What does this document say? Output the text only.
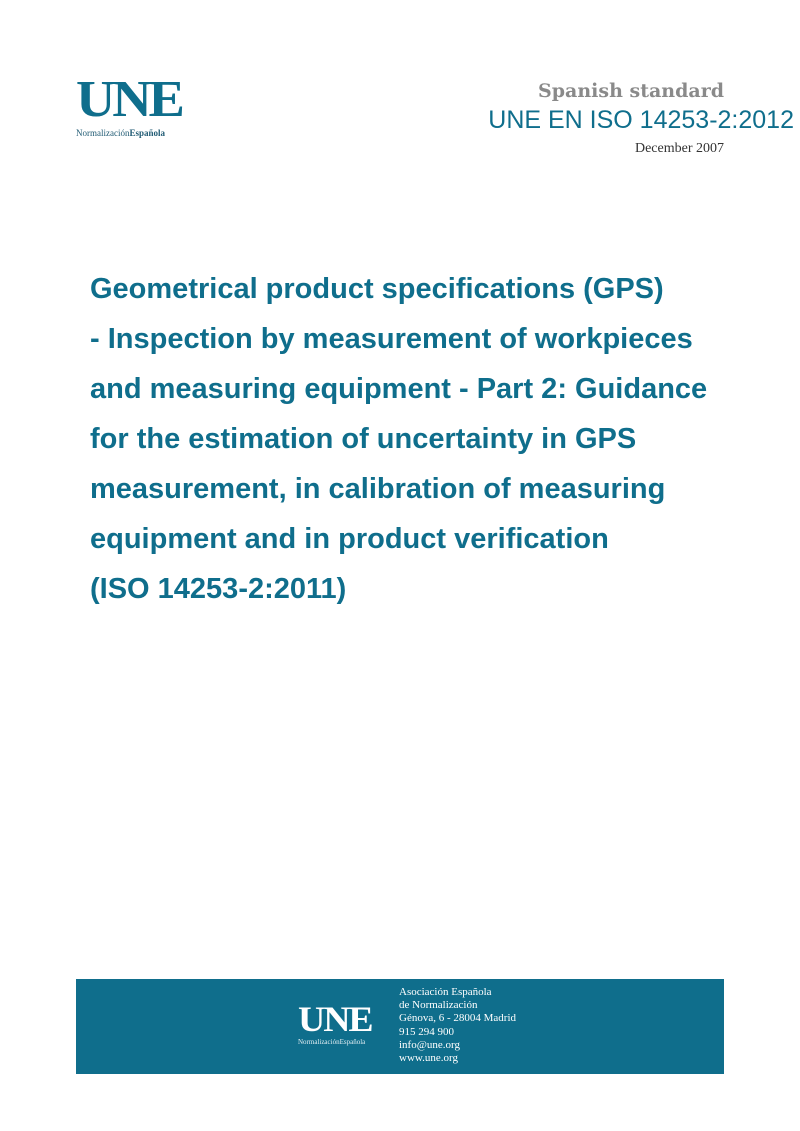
UNE
NormalizaciónEspañola
Spanish standard
UNE EN ISO 14253-2:2012
December 2007
Geometrical product specifications (GPS)
- Inspection by measurement of workpieces
and measuring equipment - Part 2: Guidance
for the estimation of uncertainty in GPS
measurement, in calibration of measuring
equipment and in product verification
(ISO 14253-2:2011)
UNE
NormalizaciónEspañola
Asociación Española
de Normalización
Génova, 6 - 28004 Madrid
915 294 900
info@une.org
www.une.org
